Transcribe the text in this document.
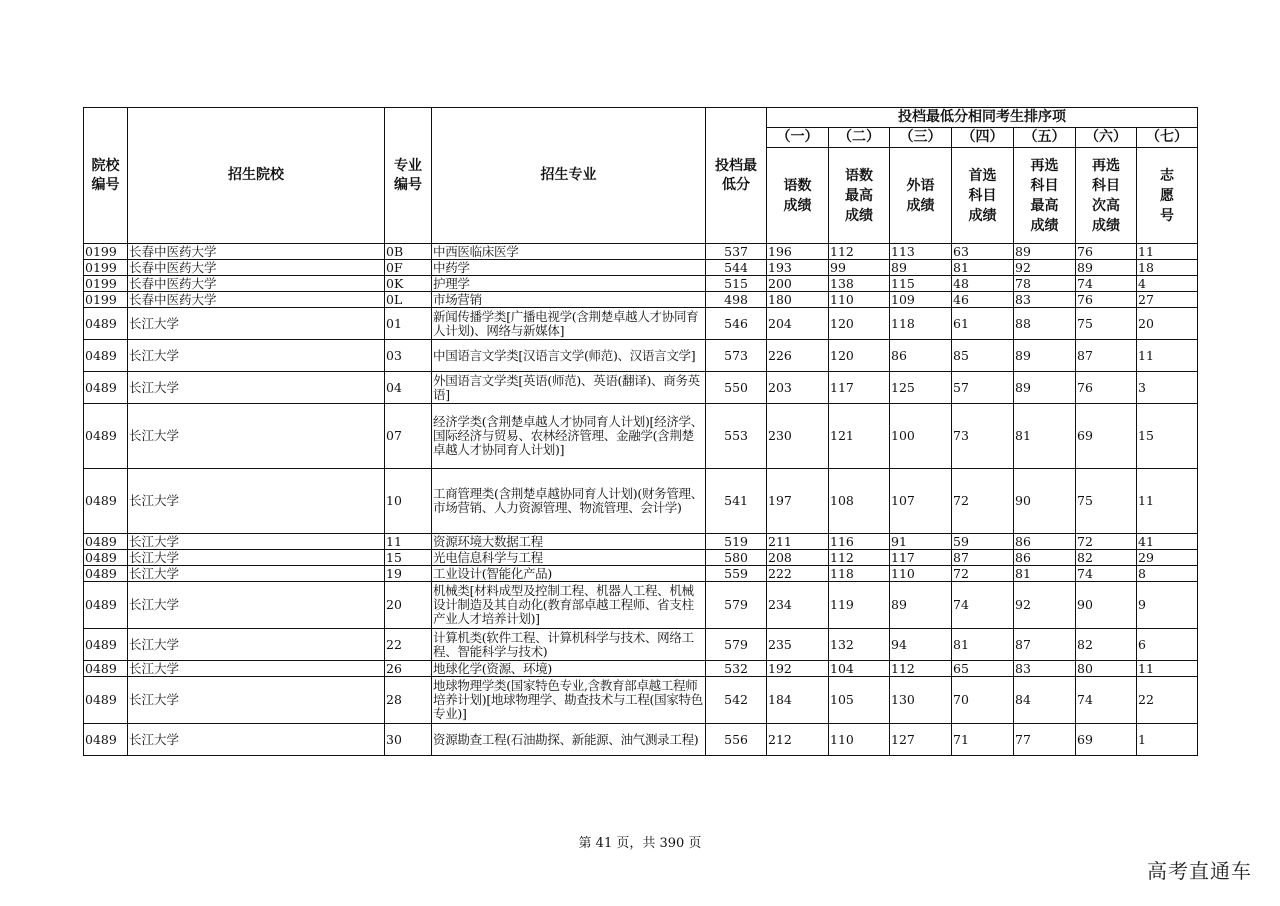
院校编号	招生院校	专业编号	招生专业	投档最低分	投档最低分相同考生排序项						
					（一）	（二）	（三）	（四）	（五）	（六）	（七）
					语数成绩	语数最高成绩	外语成绩	首选科目成绩	再选科目最高成绩	再选科目次高成绩	志愿号
0199	长春中医药大学	0B	中西医临床医学	537	196	112	113	63	89	76	11
0199	长春中医药大学	0F	中药学	544	193	99	89	81	92	89	18
0199	长春中医药大学	0K	护理学	515	200	138	115	48	78	74	4
0199	长春中医药大学	0L	市场营销	498	180	110	109	46	83	76	27
0489	长江大学	01	新闻传播学类[广播电视学(含荆楚卓越人才协同育人计划)、网络与新媒体]	546	204	120	118	61	88	75	20
0489	长江大学	03	中国语言文学类[汉语言文学(师范)、汉语言文学]	573	226	120	86	85	89	87	11
0489	长江大学	04	外国语言文学类[英语(师范)、英语(翻译)、商务英语]	550	203	117	125	57	89	76	3
0489	长江大学	07	经济学类(含荆楚卓越人才协同育人计划)[经济学、国际经济与贸易、农林经济管理、金融学(含荆楚卓越人才协同育人计划)]	553	230	121	100	73	81	69	15
0489	长江大学	10	工商管理类(含荆楚卓越协同育人计划)(财务管理、市场营销、人力资源管理、物流管理、会计学)	541	197	108	107	72	90	75	11
0489	长江大学	11	资源环境大数据工程	519	211	116	91	59	86	72	41
0489	长江大学	15	光电信息科学与工程	580	208	112	117	87	86	82	29
0489	长江大学	19	工业设计(智能化产品)	559	222	118	110	72	81	74	8
0489	长江大学	20	机械类[材料成型及控制工程、机器人工程、机械设计制造及其自动化(教育部卓越工程师、省支柱产业人才培养计划)]	579	234	119	89	74	92	90	9
0489	长江大学	22	计算机类(软件工程、计算机科学与技术、网络工程、智能科学与技术)	579	235	132	94	81	87	82	6
0489	长江大学	26	地球化学(资源、环境)	532	192	104	112	65	83	80	11
0489	长江大学	28	地球物理学类(国家特色专业,含教育部卓越工程师培养计划)[地球物理学、勘查技术与工程(国家特色专业)]	542	184	105	130	70	84	74	22
0489	长江大学	30	资源勘查工程(石油勘探、新能源、油气测录工程)	556	212	110	127	71	77	69	1
第 41 页，共 390 页
高考直通车
